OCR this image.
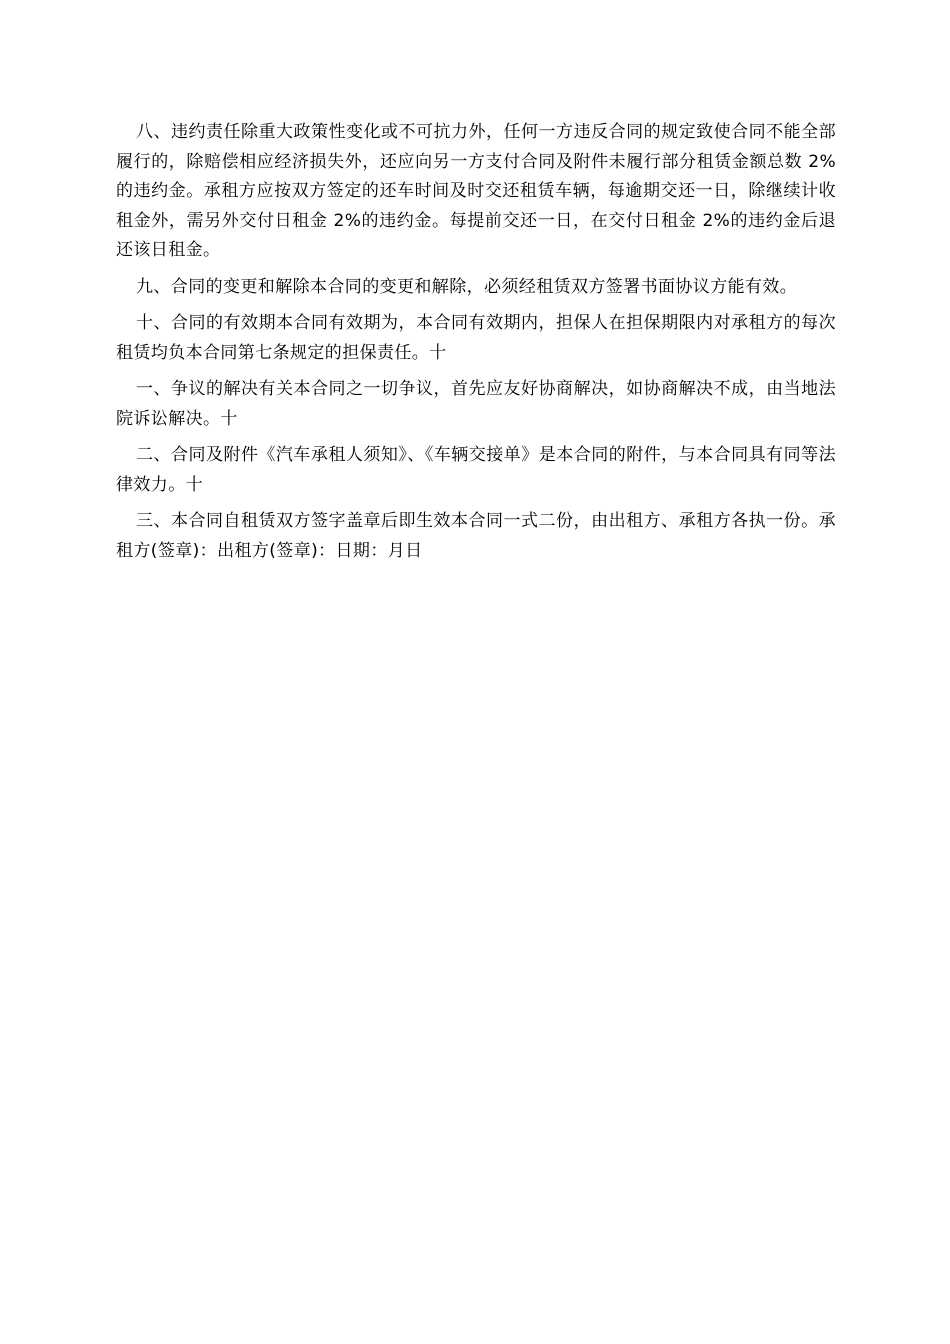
八、违约责任除重大政策性变化或不可抗力外，任何一方违反合同的规定致使合同不能全部履行的，除赔偿相应经济损失外，还应向另一方支付合同及附件未履行部分租赁金额总数 2%的违约金。承租方应按双方签定的还车时间及时交还租赁车辆，每逾期交还一日，除继续计收租金外，需另外交付日租金 2%的违约金。每提前交还一日，在交付日租金 2%的违约金后退还该日租金。

九、合同的变更和解除本合同的变更和解除，必须经租赁双方签署书面协议方能有效。

十、合同的有效期本合同有效期为，本合同有效期内，担保人在担保期限内对承租方的每次租赁均负本合同第七条规定的担保责任。十

一、争议的解决有关本合同之一切争议，首先应友好协商解决，如协商解决不成，由当地法院诉讼解决。十

二、合同及附件《汽车承租人须知》、《车辆交接单》是本合同的附件，与本合同具有同等法律效力。十

三、本合同自租赁双方签字盖章后即生效本合同一式二份，由出租方、承租方各执一份。承租方(签章)：出租方(签章)：日期：月日
